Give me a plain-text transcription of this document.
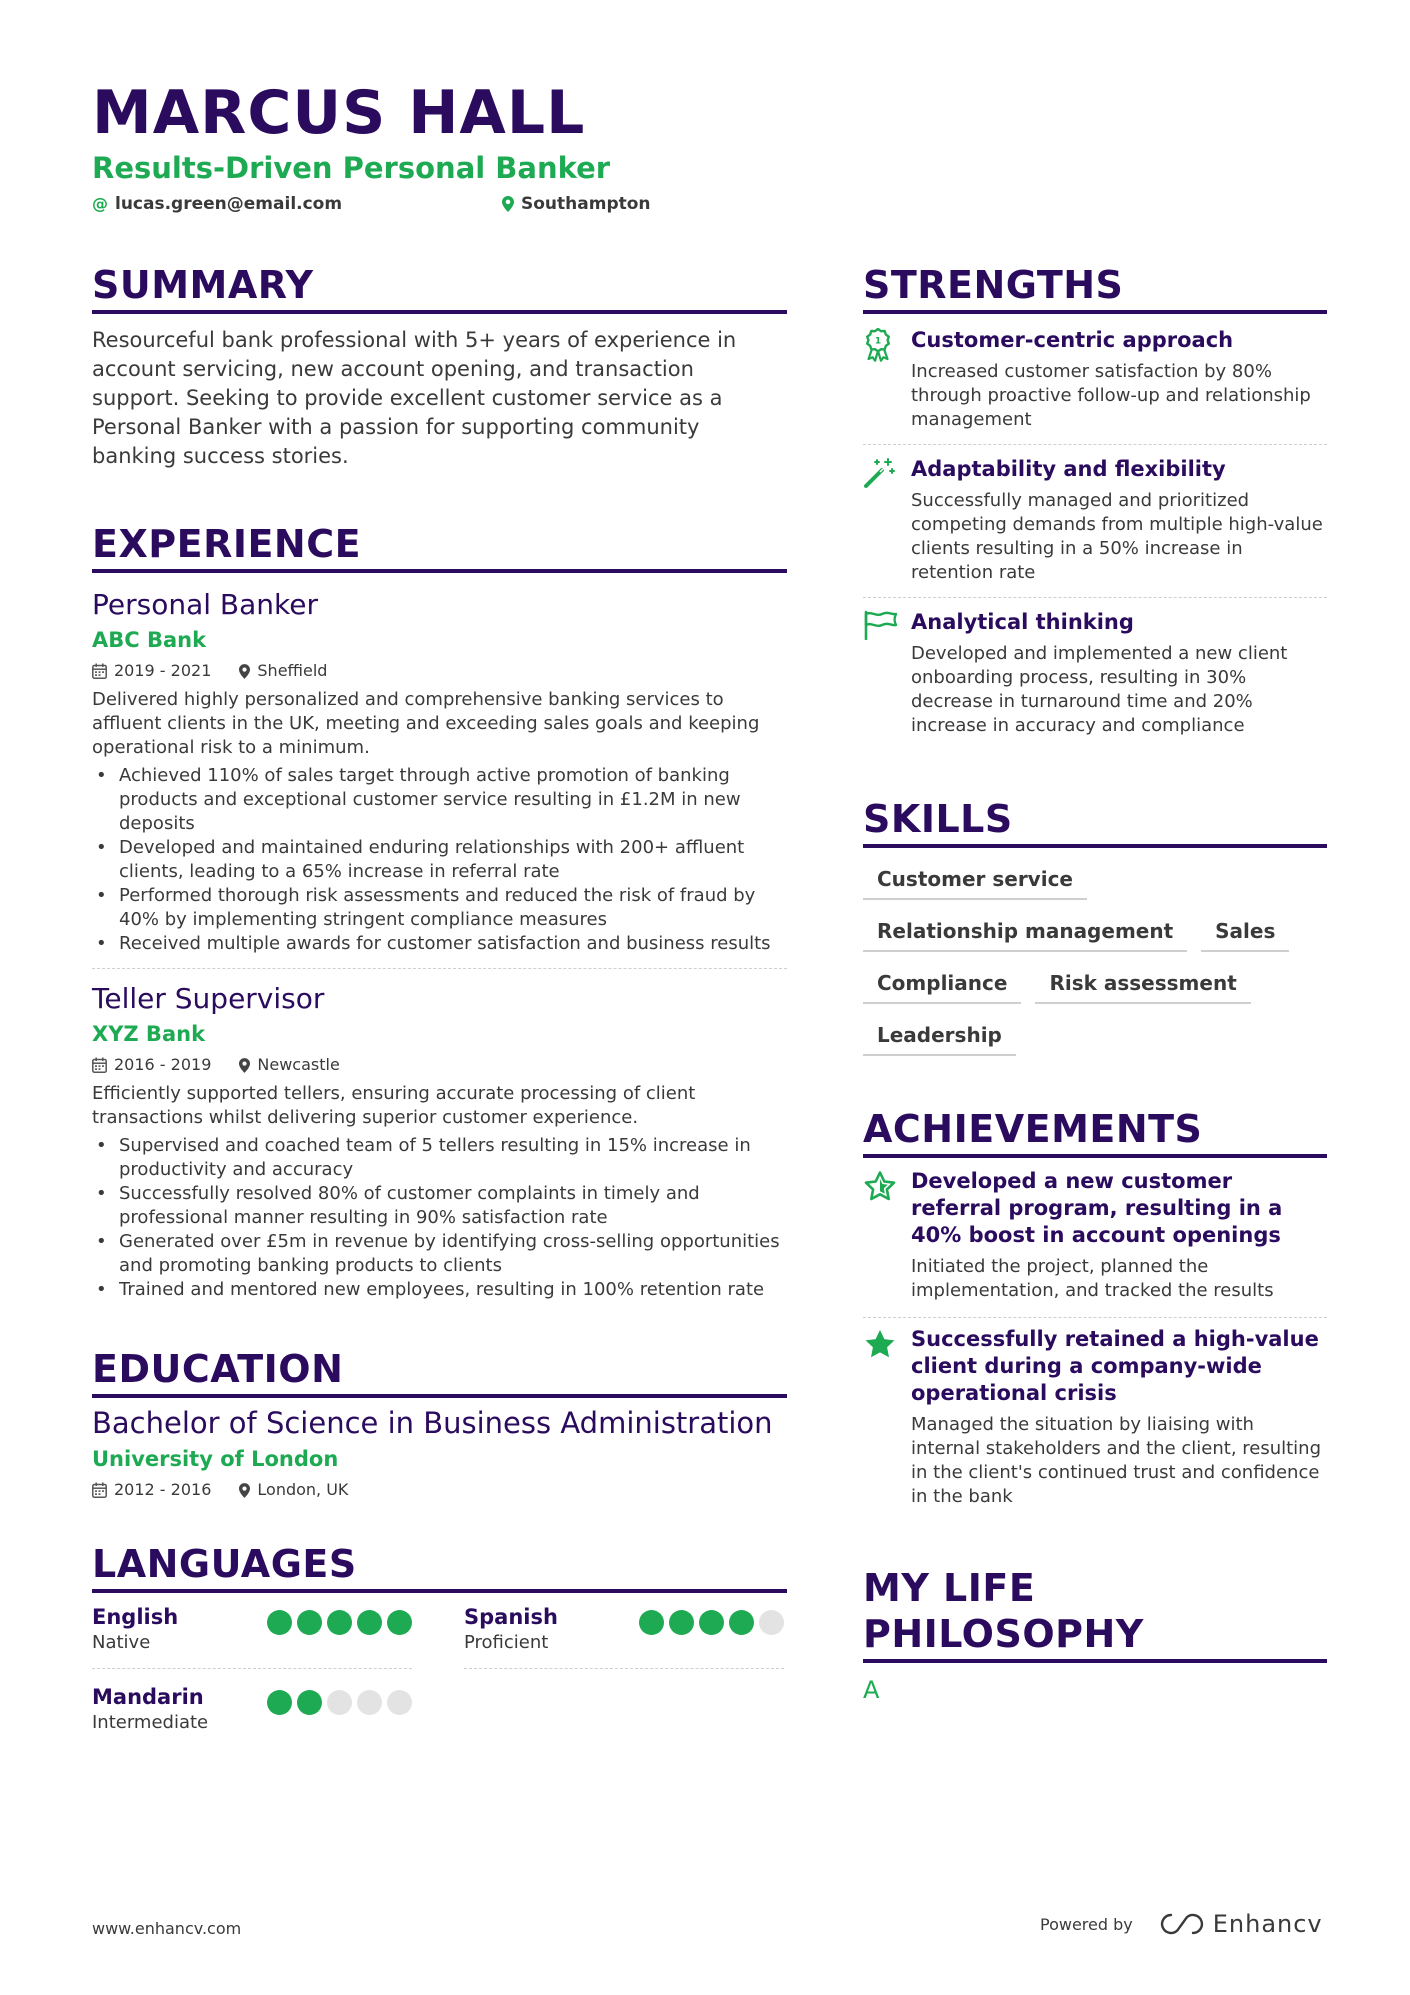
MARCUS HALL
Results-Driven Personal Banker
@ lucas.green@email.com	Southampton
SUMMARY
Resourceful bank professional with 5+ years of experience in account servicing, new account opening, and transaction support. Seeking to provide excellent customer service as a Personal Banker with a passion for supporting community banking success stories.
EXPERIENCE
Personal Banker
ABC Bank
2019 - 2021	Sheffield
Delivered highly personalized and comprehensive banking services to affluent clients in the UK, meeting and exceeding sales goals and keeping operational risk to a minimum.
• Achieved 110% of sales target through active promotion of banking products and exceptional customer service resulting in £1.2M in new deposits
• Developed and maintained enduring relationships with 200+ affluent clients, leading to a 65% increase in referral rate
• Performed thorough risk assessments and reduced the risk of fraud by 40% by implementing stringent compliance measures
• Received multiple awards for customer satisfaction and business results
Teller Supervisor
XYZ Bank
2016 - 2019	Newcastle
Efficiently supported tellers, ensuring accurate processing of client transactions whilst delivering superior customer experience.
• Supervised and coached team of 5 tellers resulting in 15% increase in productivity and accuracy
• Successfully resolved 80% of customer complaints in timely and professional manner resulting in 90% satisfaction rate
• Generated over £5m in revenue by identifying cross-selling opportunities and promoting banking products to clients
• Trained and mentored new employees, resulting in 100% retention rate
EDUCATION
Bachelor of Science in Business Administration
University of London
2012 - 2016	London, UK
LANGUAGES
English
Native
Spanish
Proficient
Mandarin
Intermediate
STRENGTHS
1 Customer-centric approach
Increased customer satisfaction by 80% through proactive follow-up and relationship management
Adaptability and flexibility
Successfully managed and prioritized competing demands from multiple high-value clients resulting in a 50% increase in retention rate
Analytical thinking
Developed and implemented a new client onboarding process, resulting in 30% decrease in turnaround time and 20% increase in accuracy and compliance
SKILLS
Customer service
Relationship management	Sales
Compliance	Risk assessment
Leadership
ACHIEVEMENTS
Developed a new customer referral program, resulting in a 40% boost in account openings
Initiated the project, planned the implementation, and tracked the results
Successfully retained a high-value client during a company-wide operational crisis
Managed the situation by liaising with internal stakeholders and the client, resulting in the client's continued trust and confidence in the bank
MY LIFE PHILOSOPHY
A
www.enhancv.com	Powered by	Enhancv
